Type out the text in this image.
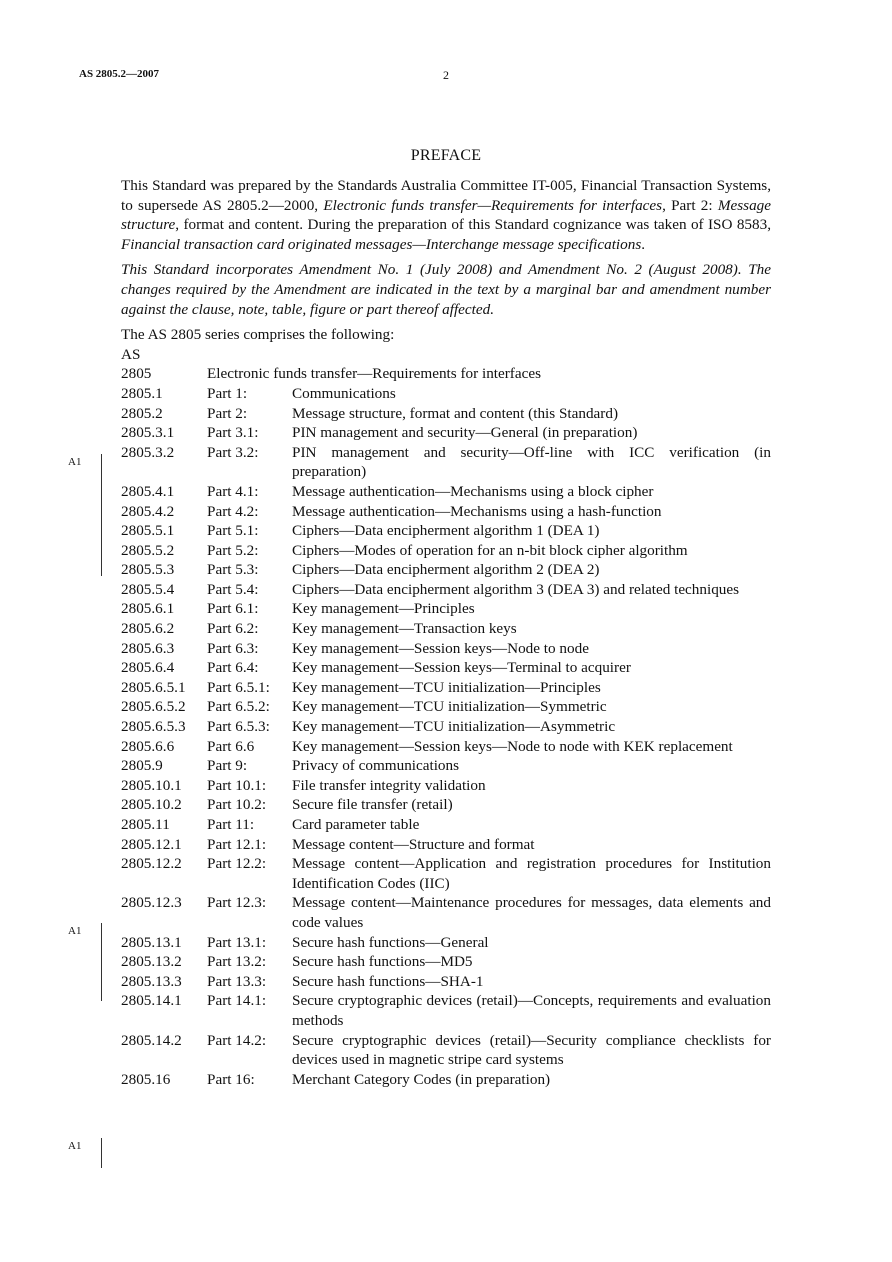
AS 2805.2—2007	2
PREFACE

This Standard was prepared by the Standards Australia Committee IT-005, Financial Transaction Systems, to supersede AS 2805.2—2000, Electronic funds transfer—Requirements for interfaces, Part 2: Message structure, format and content. During the preparation of this Standard cognizance was taken of ISO 8583, Financial transaction card originated messages—Interchange message specifications.

This Standard incorporates Amendment No. 1 (July 2008) and Amendment No. 2 (August 2008). The changes required by the Amendment are indicated in the text by a marginal bar and amendment number against the clause, note, table, figure or part thereof affected.

The AS 2805 series comprises the following:

AS
2805	Electronic funds transfer—Requirements for interfaces	
2805.1	Part 1:	Communications
2805.2	Part 2:	Message structure, format and content (this Standard)
2805.3.1	Part 3.1:	PIN management and security—General (in preparation)
2805.3.2	Part 3.2:	PIN management and security—Off-line with ICC verification (in preparation)
2805.4.1	Part 4.1:	Message authentication—Mechanisms using a block cipher
2805.4.2	Part 4.2:	Message authentication—Mechanisms using a hash-function
2805.5.1	Part 5.1:	Ciphers—Data encipherment algorithm 1 (DEA 1)
2805.5.2	Part 5.2:	Ciphers—Modes of operation for an n-bit block cipher algorithm
2805.5.3	Part 5.3:	Ciphers—Data encipherment algorithm 2 (DEA 2)
2805.5.4	Part 5.4:	Ciphers—Data encipherment algorithm 3 (DEA 3) and related techniques
2805.6.1	Part 6.1:	Key management—Principles
2805.6.2	Part 6.2:	Key management—Transaction keys
2805.6.3	Part 6.3:	Key management—Session keys—Node to node
2805.6.4	Part 6.4:	Key management—Session keys—Terminal to acquirer
2805.6.5.1	Part 6.5.1:	Key management—TCU initialization—Principles
2805.6.5.2	Part 6.5.2:	Key management—TCU initialization—Symmetric
2805.6.5.3	Part 6.5.3:	Key management—TCU initialization—Asymmetric
2805.6.6	Part 6.6	Key management—Session keys—Node to node with KEK replacement
2805.9	Part 9:	Privacy of communications
2805.10.1	Part 10.1:	File transfer integrity validation
2805.10.2	Part 10.2:	Secure file transfer (retail)
2805.11	Part 11:	Card parameter table
2805.12.1	Part 12.1:	Message content—Structure and format
2805.12.2	Part 12.2:	Message content—Application and registration procedures for Institution Identification Codes (IIC)
2805.12.3	Part 12.3:	Message content—Maintenance procedures for messages, data elements and code values
2805.13.1	Part 13.1:	Secure hash functions—General
2805.13.2	Part 13.2:	Secure hash functions—MD5
2805.13.3	Part 13.3:	Secure hash functions—SHA-1
2805.14.1	Part 14.1:	Secure cryptographic devices (retail)—Concepts, requirements and evaluation methods
2805.14.2	Part 14.2:	Secure cryptographic devices (retail)—Security compliance checklists for devices used in magnetic stripe card systems
2805.16	Part 16:	Merchant Category Codes (in preparation)
A1
A1
A1
